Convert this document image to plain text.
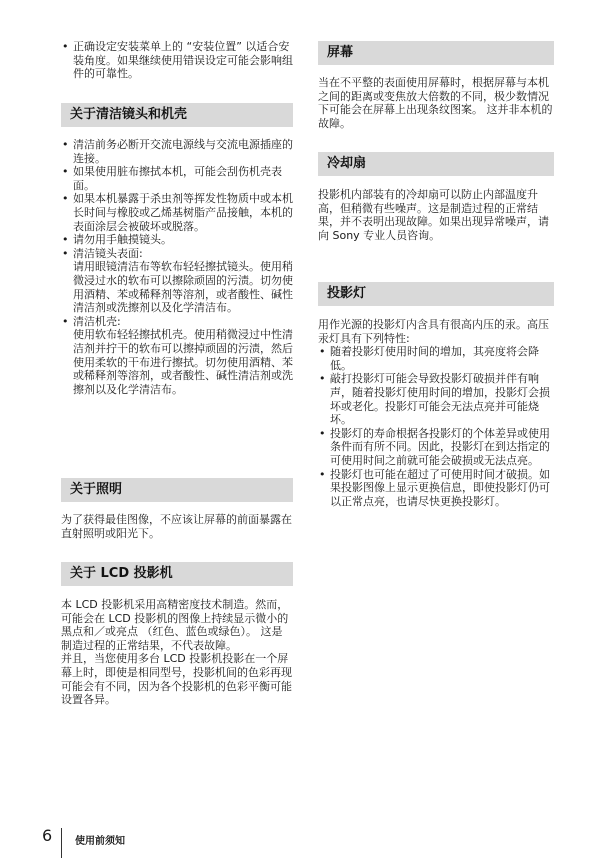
• 正确设定安装菜单上的 “安装位置” 以适合安装角度。如果继续使用错误设定可能会影响组件的可靠性。
关于清洁镜头和机壳
• 清洁前务必断开交流电源线与交流电源插座的连接。
• 如果使用脏布擦拭本机，可能会刮伤机壳表面。
• 如果本机暴露于杀虫剂等挥发性物质中或本机长时间与橡胶或乙烯基树脂产品接触，本机的表面涂层会被破坏或脱落。
• 请勿用手触摸镜头。
• 清洁镜头表面:
请用眼镜清洁布等软布轻轻擦拭镜头。使用稍微浸过水的软布可以擦除顽固的污渍。切勿使用酒精、苯或稀释剂等溶剂，或者酸性、碱性清洁剂或洗擦剂以及化学清洁布。
• 清洁机壳:
使用软布轻轻擦拭机壳。使用稍微浸过中性清洁剂并拧干的软布可以擦掉顽固的污渍，然后使用柔软的干布进行擦拭。切勿使用酒精、苯或稀释剂等溶剂，或者酸性、碱性清洁剂或洗擦剂以及化学清洁布。
关于照明

为了获得最佳图像，不应该让屏幕的前面暴露在直射照明或阳光下。

关于 LCD 投影机

本 LCD 投影机采用高精密度技术制造。然而，可能会在 LCD 投影机的图像上持续显示微小的黑点和／或亮点 （红色、蓝色或绿色）。 这是制造过程的正常结果，不代表故障。

并且，当您使用多台 LCD 投影机投影在一个屏幕上时，即使是相同型号，投影机间的色彩再现可能会有不同，因为各个投影机的色彩平衡可能设置各异。

屏幕

当在不平整的表面使用屏幕时，根据屏幕与本机之间的距离或变焦放大倍数的不同，极少数情况下可能会在屏幕上出现条纹图案。 这并非本机的故障。

冷却扇

投影机内部装有的冷却扇可以防止内部温度升高，但稍微有些噪声。这是制造过程的正常结果，并不表明出现故障。如果出现异常噪声，请向 Sony 专业人员咨询。

投影灯

用作光源的投影灯内含具有很高内压的汞。高压汞灯具有下列特性:

• 随着投影灯使用时间的增加，其亮度将会降低。
• 敲打投影灯可能会导致投影灯破损并伴有响声，随着投影灯使用时间的增加，投影灯会损坏或老化。投影灯可能会无法点亮并可能烧坏。
• 投影灯的寿命根据各投影灯的个体差异或使用条件而有所不同。因此，投影灯在到达指定的可使用时间之前就可能会破损或无法点亮。
• 投影灯也可能在超过了可使用时间才破损。如果投影图像上显示更换信息，即使投影灯仍可以正常点亮，也请尽快更换投影灯。
6 使用前须知
